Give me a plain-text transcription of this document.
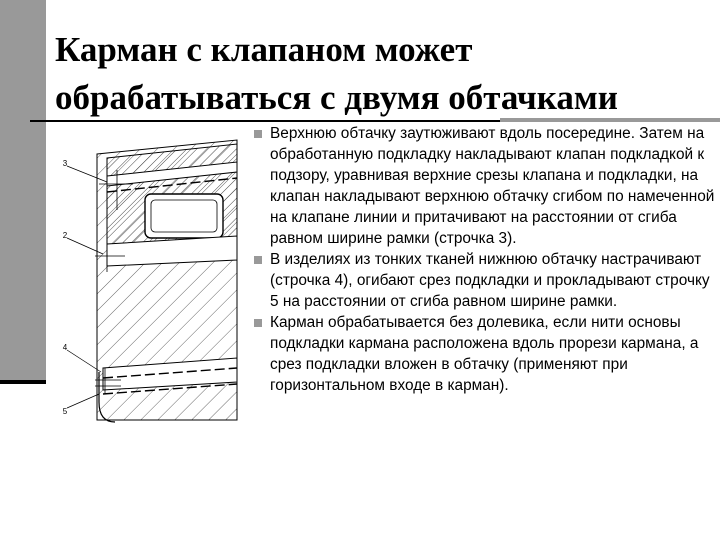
Карман с клапаном может обрабатываться с двумя обтачками
3
2
4
5
Верхнюю обтачку заутюживают вдоль посередине. Затем на обработанную подкладку накладывают клапан подкладкой к подзору, уравнивая верхние срезы клапана и подкладки, на клапан накладывают верхнюю обтачку сгибом по намеченной на клапане линии и притачивают на расстоянии от сгиба равном ширине рамки (строчка 3).
В изделиях из тонких тканей нижнюю обтачку настрачивают (строчка 4), огибают срез подкладки и прокладывают строчку 5 на расстоянии от сгиба равном ширине рамки.
Карман обрабатывается без долевика, если нити основы подкладки кармана расположена вдоль прорези кармана, а срез подкладки вложен в обтачку (применяют при горизонтальном входе в карман).
